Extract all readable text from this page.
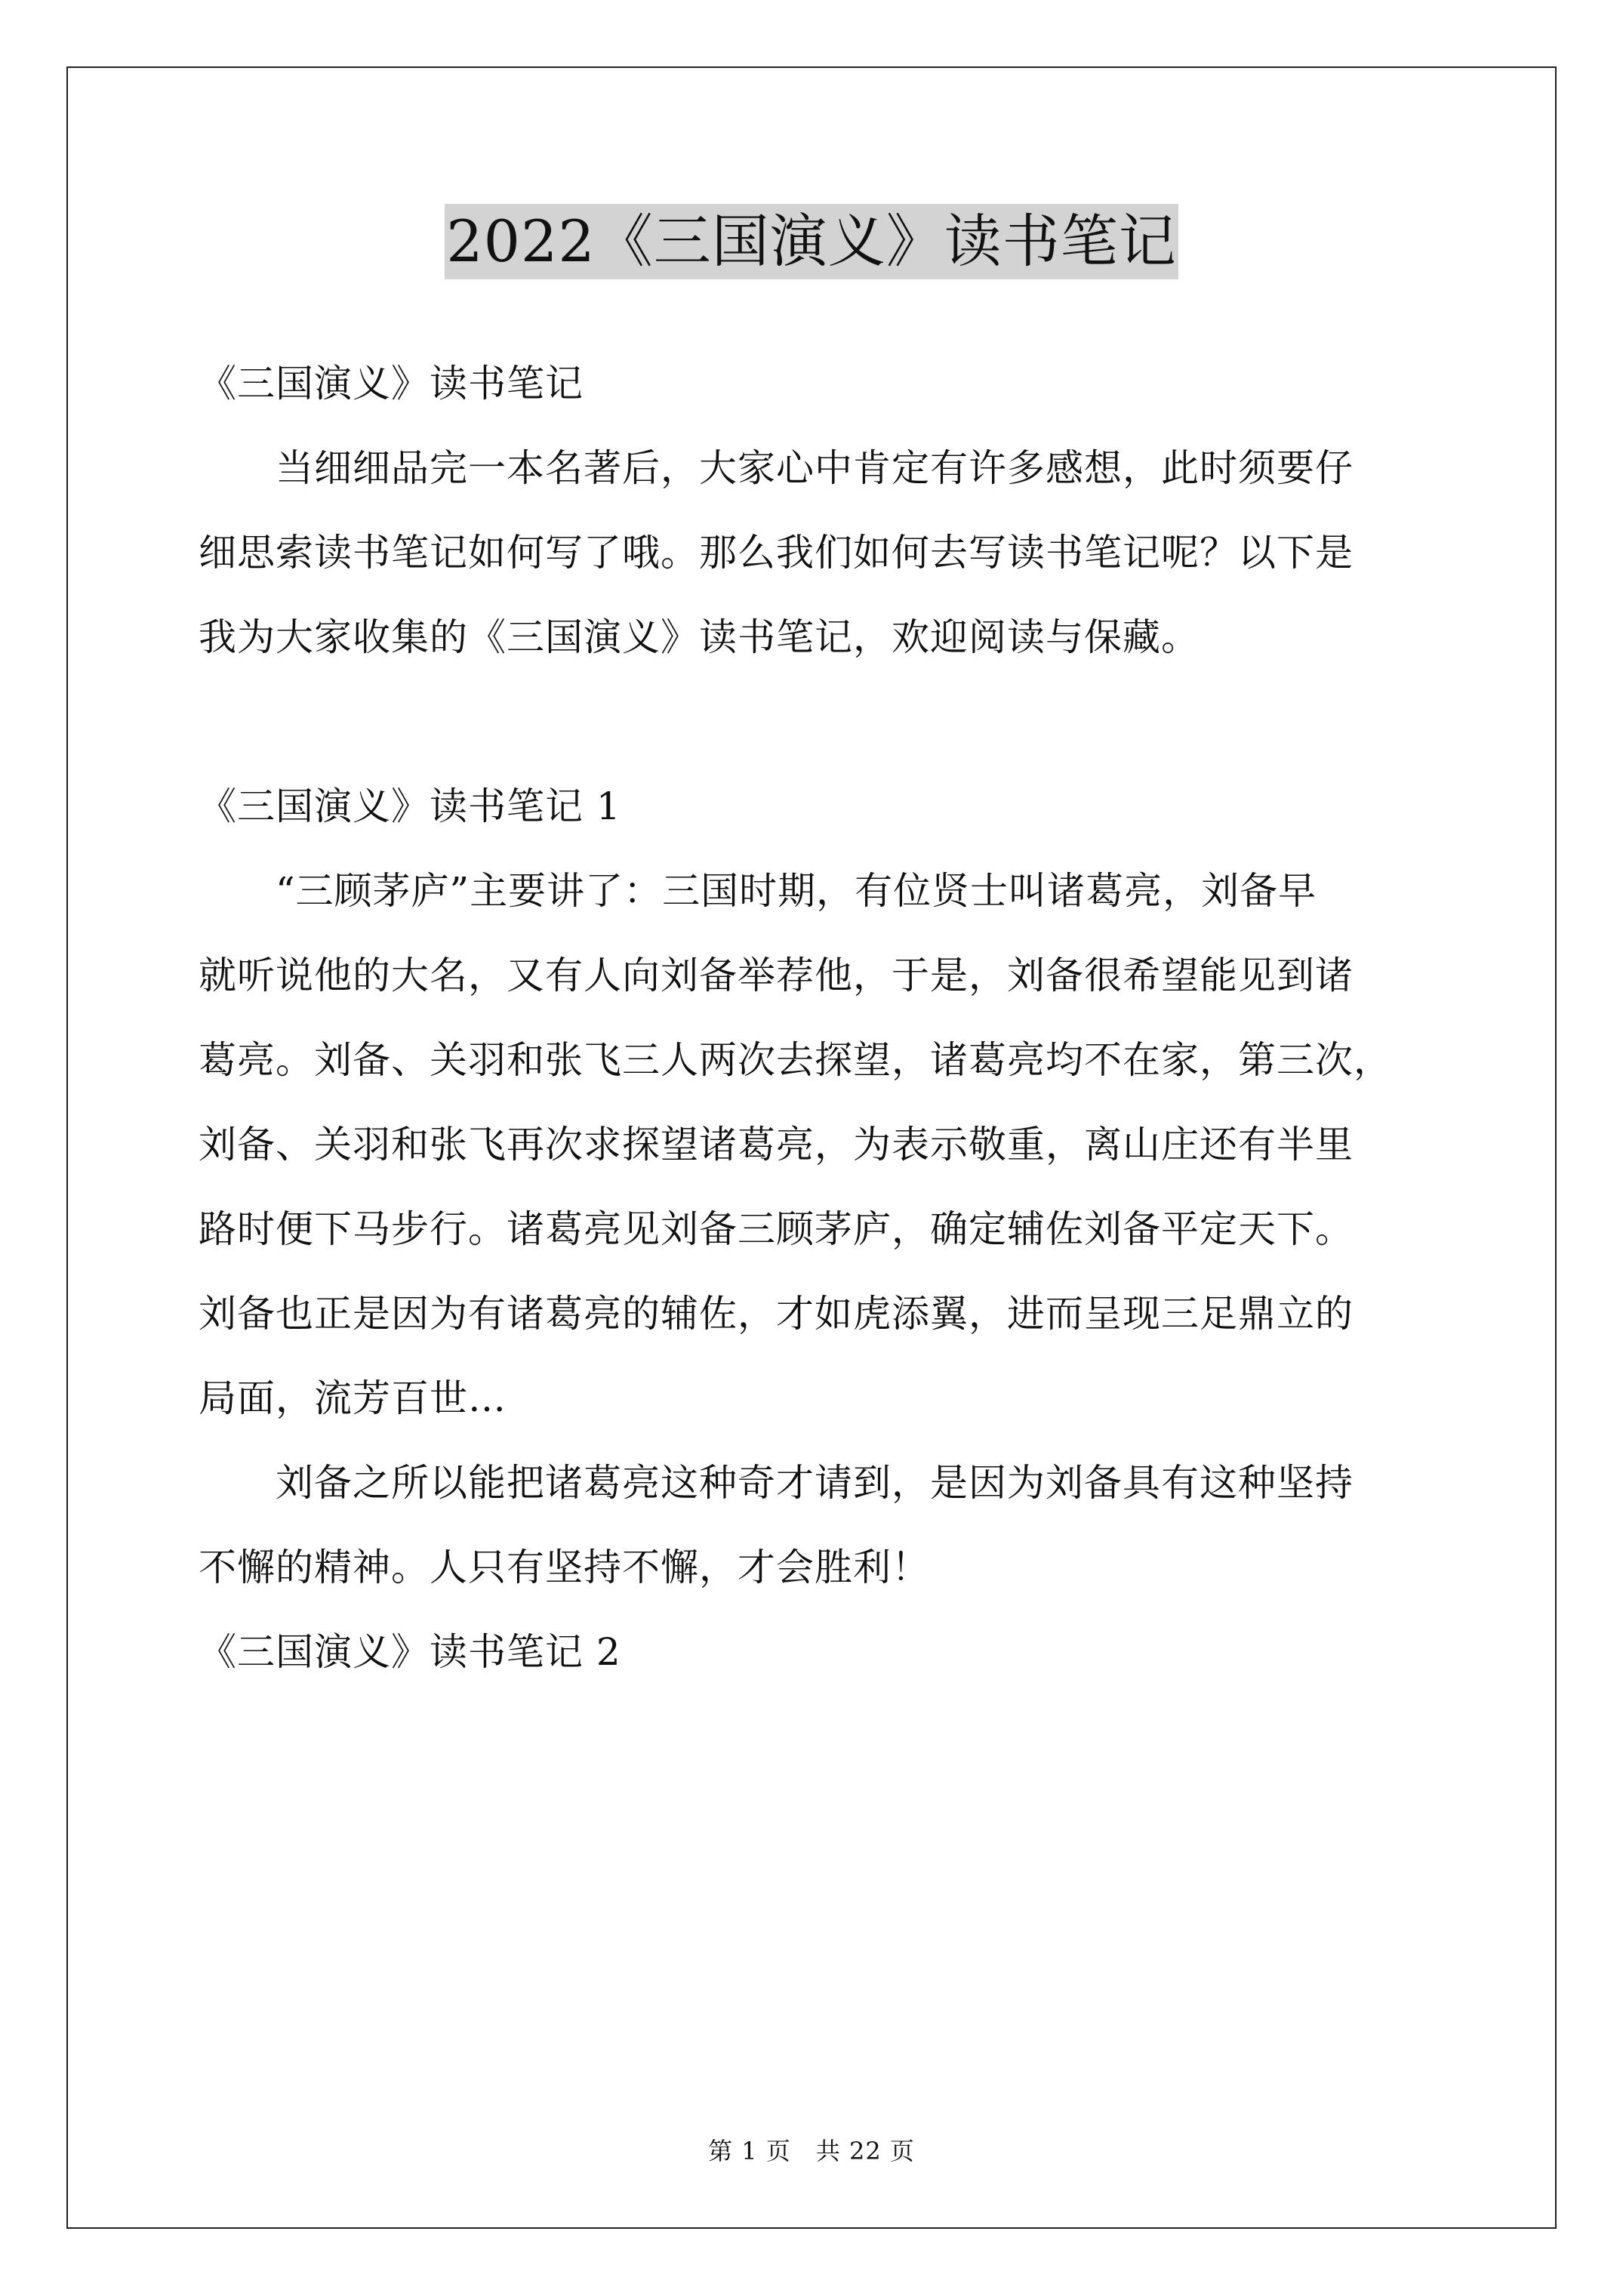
2022《三国演义》读书笔记

《三国演义》读书笔记

　　当细细品完一本名著后，大家心中肯定有许多感想，此时须要仔

细思索读书笔记如何写了哦。那么我们如何去写读书笔记呢？以下是

我为大家收集的《三国演义》读书笔记，欢迎阅读与保藏。

《三国演义》读书笔记 1

　　“三顾茅庐”主要讲了：三国时期，有位贤士叫诸葛亮，刘备早

就听说他的大名，又有人向刘备举荐他，于是，刘备很希望能见到诸

葛亮。刘备、关羽和张飞三人两次去探望，诸葛亮均不在家，第三次，

刘备、关羽和张飞再次求探望诸葛亮，为表示敬重，离山庄还有半里

路时便下马步行。诸葛亮见刘备三顾茅庐，确定辅佐刘备平定天下。

刘备也正是因为有诸葛亮的辅佐，才如虎添翼，进而呈现三足鼎立的

局面，流芳百世…

　　刘备之所以能把诸葛亮这种奇才请到，是因为刘备具有这种坚持

不懈的精神。人只有坚持不懈，才会胜利！

《三国演义》读书笔记 2

第 1 页　共 22 页
